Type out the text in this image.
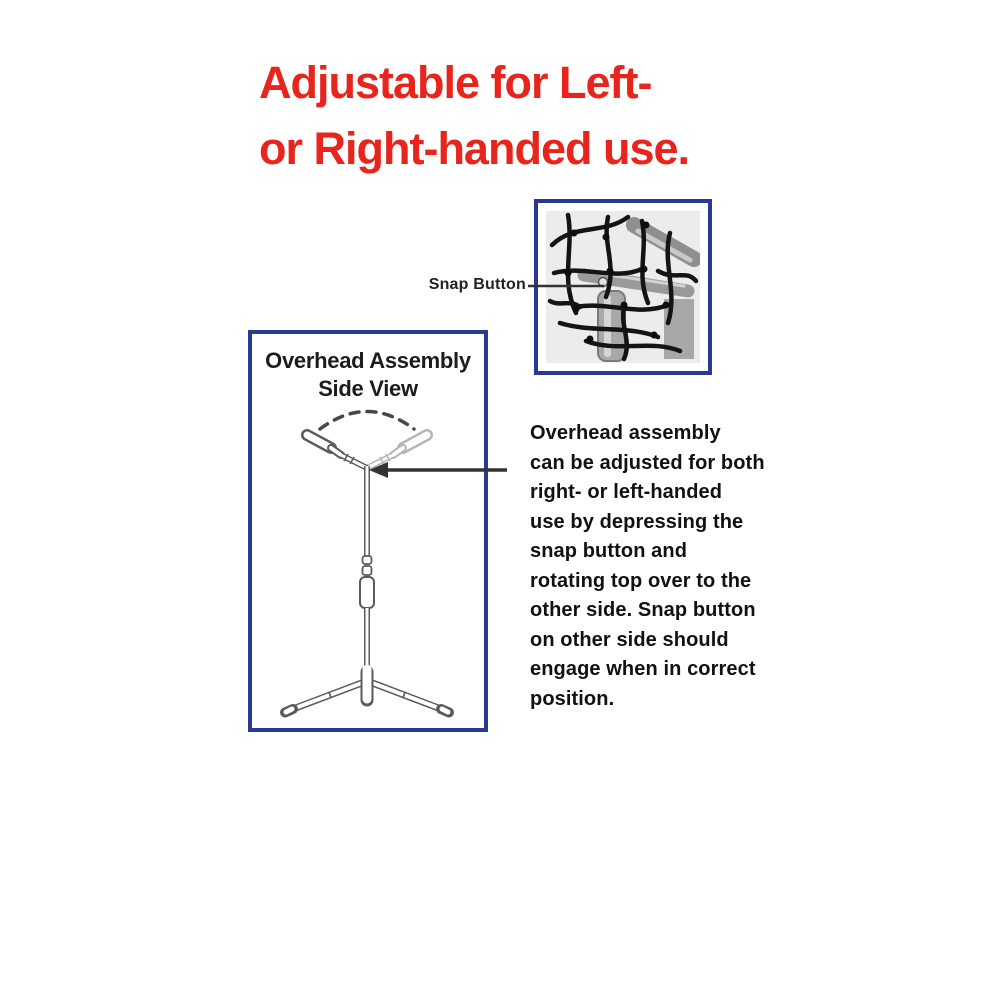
Adjustable for Left-
or Right-handed use.
Snap Button
Overhead Assembly
Side View
Overhead assembly
can be adjusted for both
right- or left-handed
use by depressing the
snap button and
rotating top over to the
other side. Snap button
on other side should
engage when in correct
position.
